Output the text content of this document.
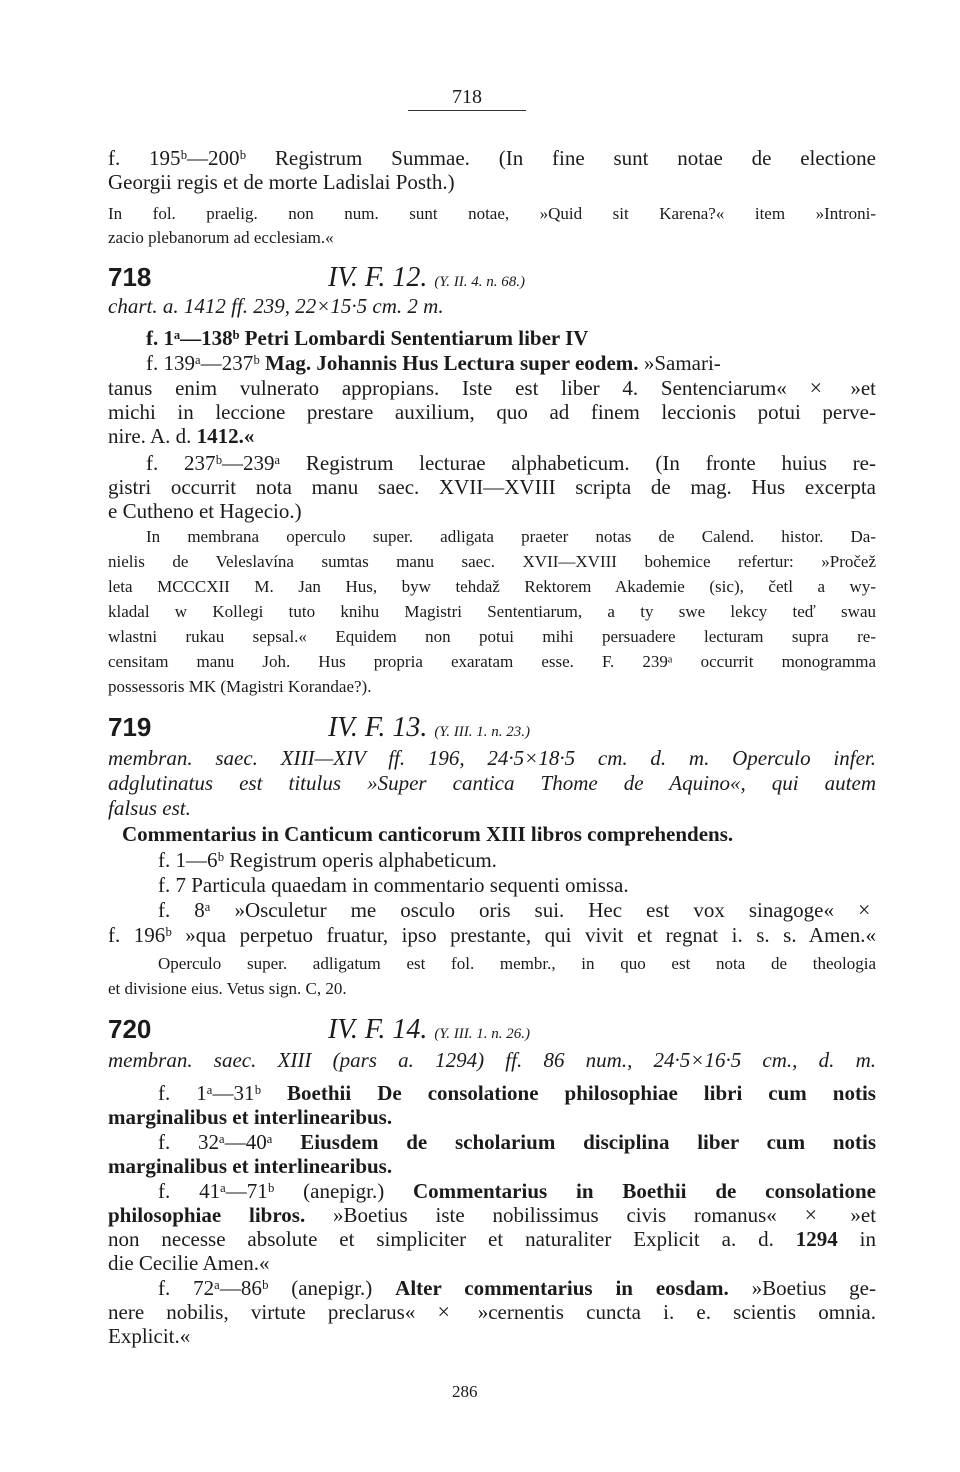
718
f. 195ᵇ—200ᵇ Registrum Summae. (In fine sunt notae de electione
Georgii regis et de morte Ladislai Posth.)
In fol. praelig. non num. sunt notae, »Quid sit Karena?« item »Introni-
zacio plebanorum ad ecclesiam.«
718	IV. F. 12. (Y. II. 4. n. 68.)
chart. a. 1412 ff. 239, 22×15·5 cm. 2 m.
f. 1ᵃ—138ᵇ Petri Lombardi Sententiarum liber IV
f. 139ᵃ—237ᵇ Mag. Johannis Hus Lectura super eodem. »Samari-
tanus enim vulnerato appropians. Iste est liber 4. Sentenciarum« × »et
michi in leccione prestare auxilium, quo ad finem leccionis potui perve-
nire. A. d. 1412.«
f. 237ᵇ—239ᵃ Registrum lecturae alphabeticum. (In fronte huius re-
gistri occurrit nota manu saec. XVII—XVIII scripta de mag. Hus excerpta
e Cutheno et Hagecio.)
In membrana operculo super. adligata praeter notas de Calend. histor. Da-
nielis de Veleslavína sumtas manu saec. XVII—XVIII bohemice refertur: »Pročež
leta MCCCXII M. Jan Hus, byw tehdaž Rektorem Akademie (sic), četl a wy-
kladal w Kollegi tuto knihu Magistri Sententiarum, a ty swe lekcy teď swau
wlastni rukau sepsal.« Equidem non potui mihi persuadere lecturam supra re-
censitam manu Joh. Hus propria exaratam esse. F. 239ᵃ occurrit monogramma
possessoris MK (Magistri Korandae?).
719	IV. F. 13. (Y. III. 1. n. 23.)
membran. saec. XIII—XIV ff. 196, 24·5×18·5 cm. d. m. Operculo infer.
adglutinatus est titulus »Super cantica Thome de Aquino«, qui autem
falsus est.
Commentarius in Canticum canticorum XIII libros comprehendens.
f. 1—6ᵇ Registrum operis alphabeticum.
f. 7 Particula quaedam in commentario sequenti omissa.
f. 8ᵃ »Osculetur me osculo oris sui. Hec est vox sinagoge« ×
f. 196ᵇ »qua perpetuo fruatur, ipso prestante, qui vivit et regnat i. s. s. Amen.«
Operculo super. adligatum est fol. membr., in quo est nota de theologia
et divisione eius. Vetus sign. C, 20.
720	IV. F. 14. (Y. III. 1. n. 26.)
membran. saec. XIII (pars a. 1294) ff. 86 num., 24·5×16·5 cm., d. m.
f. 1ᵃ—31ᵇ Boethii De consolatione philosophiae libri cum notis
marginalibus et interlinearibus.
f. 32ᵃ—40ᵃ Eiusdem de scholarium disciplina liber cum notis
marginalibus et interlinearibus.
f. 41ᵃ—71ᵇ (anepigr.) Commentarius in Boethii de consolatione
philosophiae libros. »Boetius iste nobilissimus civis romanus« × »et
non necesse absolute et simpliciter et naturaliter Explicit a. d. 1294 in
die Cecilie Amen.«
f. 72ᵃ—86ᵇ (anepigr.) Alter commentarius in eosdam. »Boetius ge-
nere nobilis, virtute preclarus« × »cernentis cuncta i. e. scientis omnia.
Explicit.«
286
